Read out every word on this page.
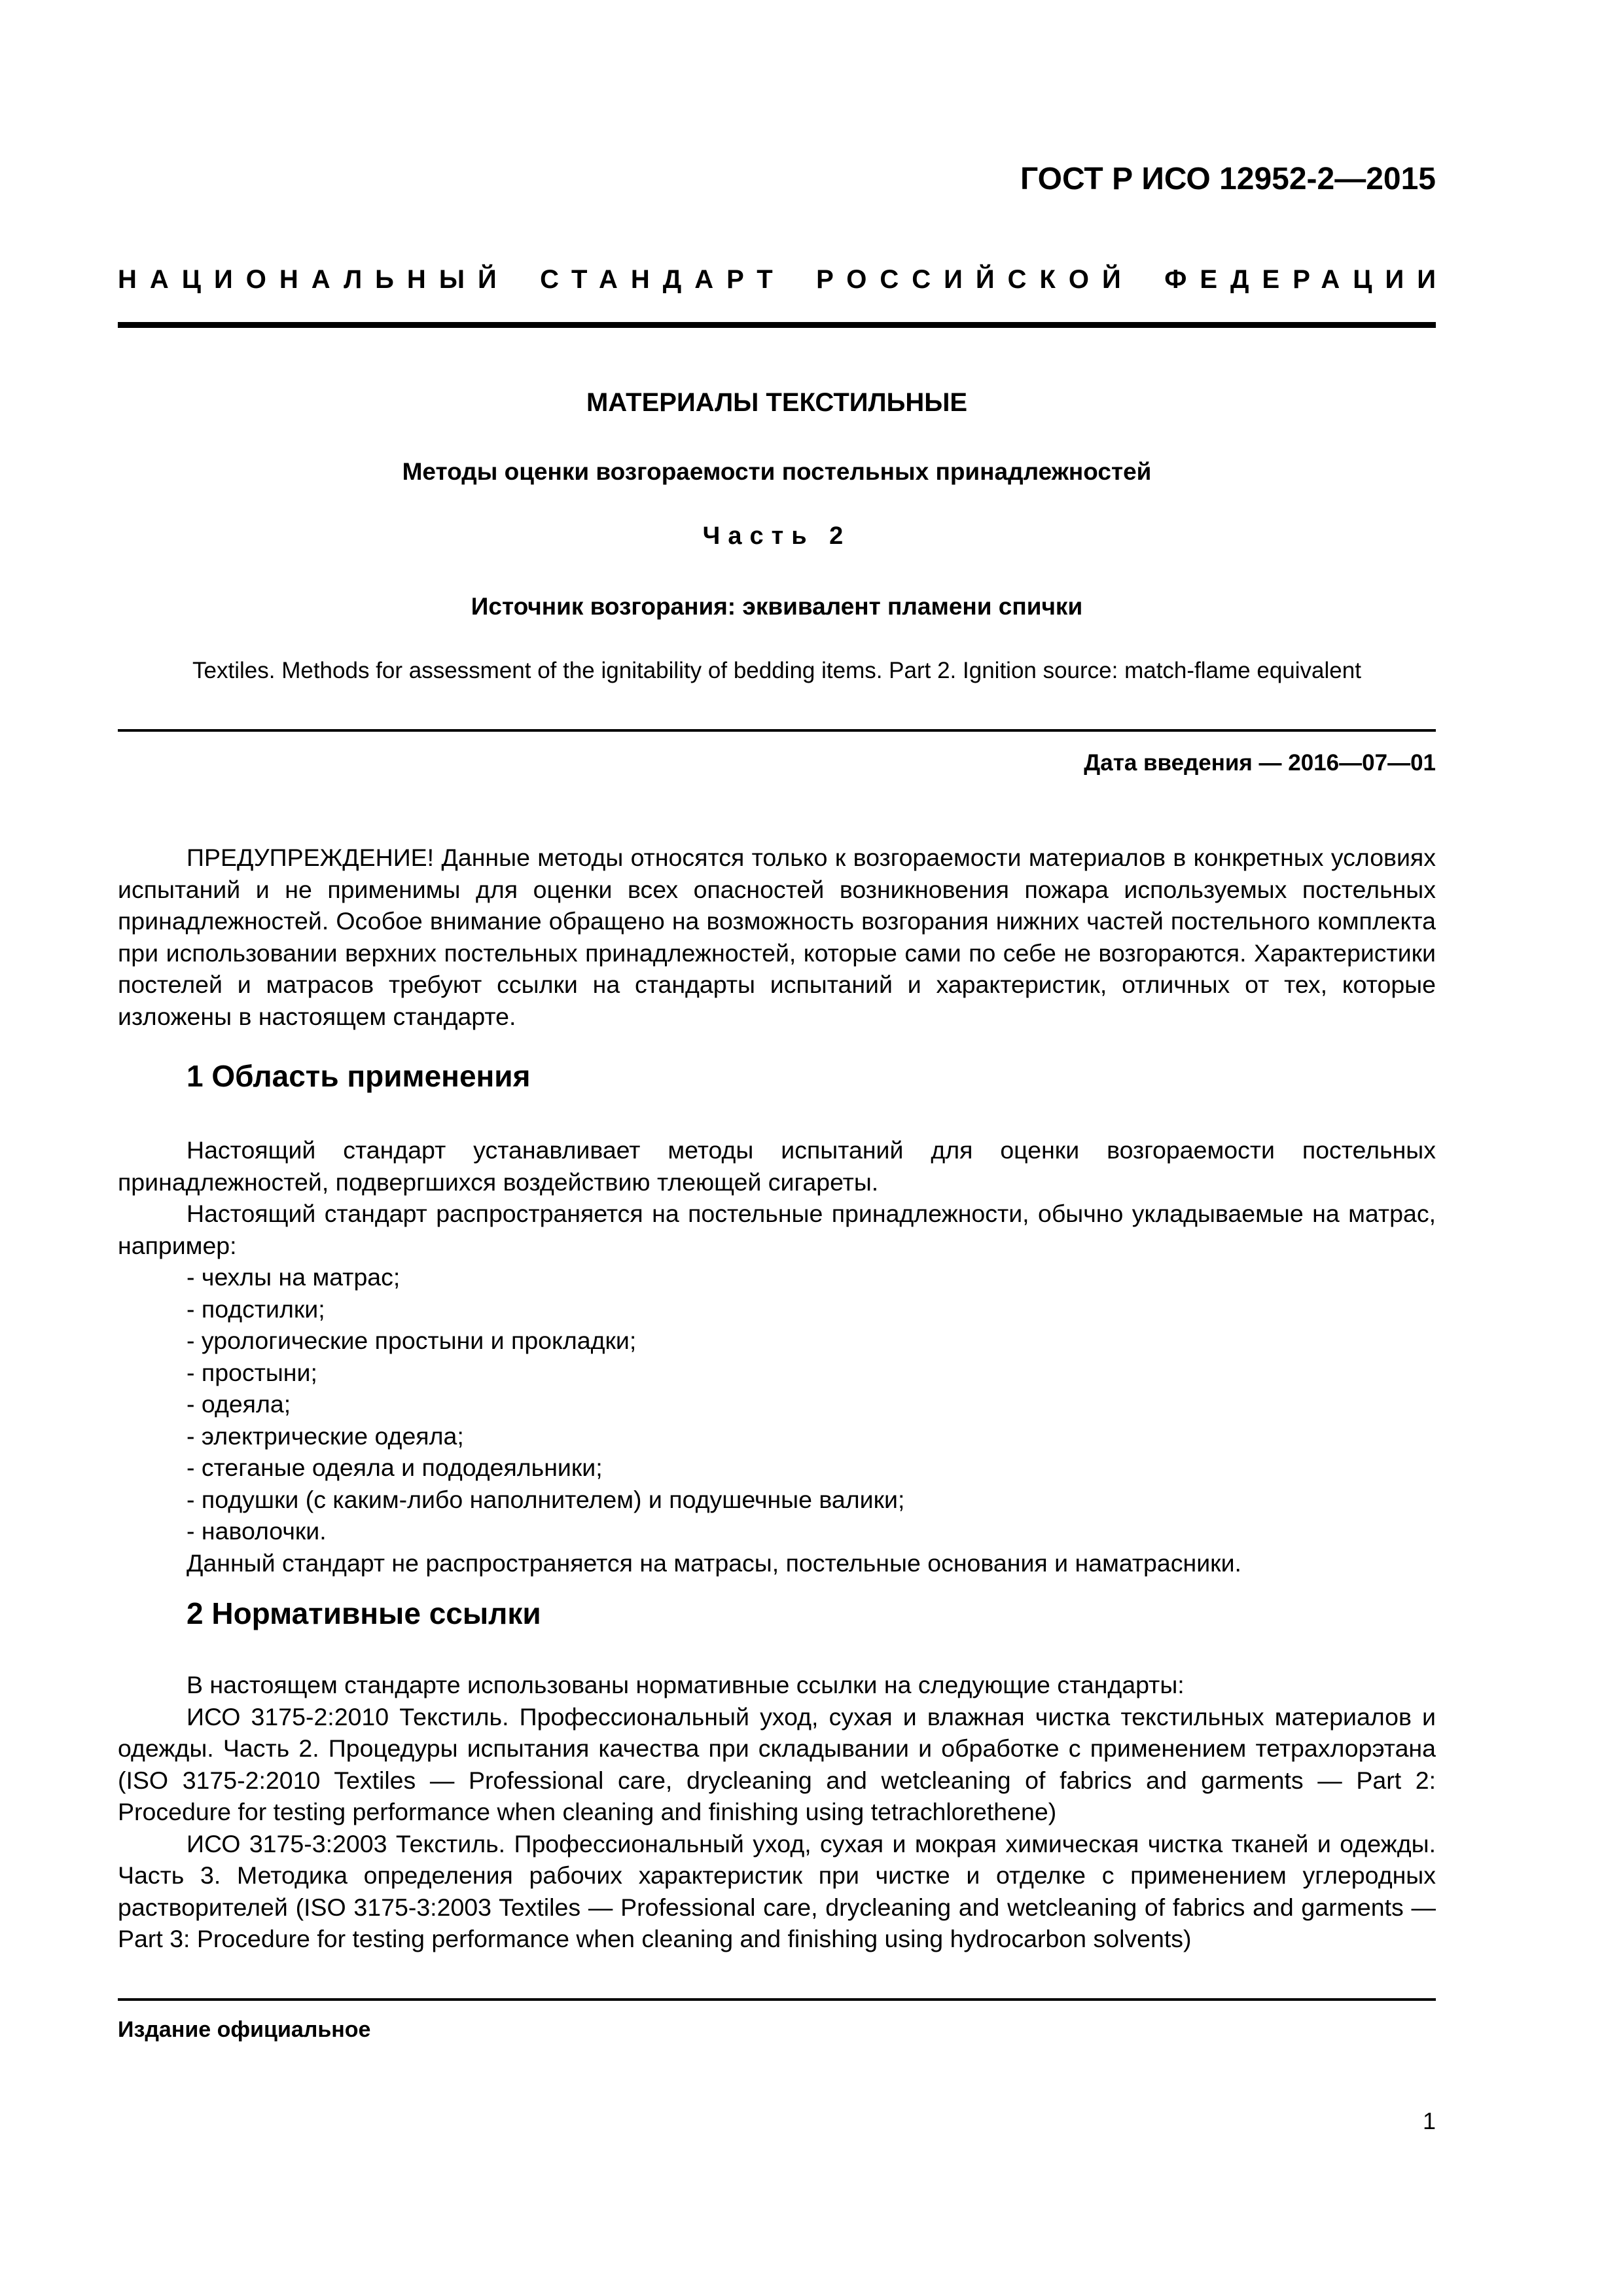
ГОСТ Р ИСО 12952-2—2015
НАЦИОНАЛЬНЫЙ СТАНДАРТ РОССИЙСКОЙ ФЕДЕРАЦИИ
МАТЕРИАЛЫ ТЕКСТИЛЬНЫЕ
Методы оценки возгораемости постельных принадлежностей
Часть 2
Источник возгорания: эквивалент пламени спички
Textiles. Methods for assessment of the ignitability of bedding items. Part 2. Ignition source: match-flame equivalent
Дата введения — 2016—07—01

ПРЕДУПРЕЖДЕНИЕ! Данные методы относятся только к возгораемости материалов в конкретных условиях испытаний и не применимы для оценки всех опасностей возникновения пожара используемых постельных принадлежностей. Особое внимание обращено на возможность возгорания нижних частей постельного комплекта при использовании верхних постельных принадлежностей, которые сами по себе не возгораются. Характеристики постелей и матрасов требуют ссылки на стандарты испытаний и характеристик, отличных от тех, которые изложены в настоящем стандарте.

1 Область применения

Настоящий стандарт устанавливает методы испытаний для оценки возгораемости постельных принадлежностей, подвергшихся воздействию тлеющей сигареты.

Настоящий стандарт распространяется на постельные принадлежности, обычно укладываемые на матрас, например:

- чехлы на матрас;
- подстилки;
- урологические простыни и прокладки;
- простыни;
- одеяла;
- электрические одеяла;
- стеганые одеяла и пододеяльники;
- подушки (с каким-либо наполнителем) и подушечные валики;
- наволочки.

Данный стандарт не распространяется на матрасы, постельные основания и наматрасники.

2 Нормативные ссылки

В настоящем стандарте использованы нормативные ссылки на следующие стандарты:

ИСО 3175-2:2010 Текстиль. Профессиональный уход, сухая и влажная чистка текстильных материалов и одежды. Часть 2. Процедуры испытания качества при складывании и обработке с применением тетрахлорэтана (ISO 3175-2:2010 Textiles — Professional care, drycleaning and wetcleaning of fabrics and garments — Part 2: Procedure for testing performance when cleaning and finishing using tetrachlorethene)

ИСО 3175-3:2003 Текстиль. Профессиональный уход, сухая и мокрая химическая чистка тканей и одежды. Часть 3. Методика определения рабочих характеристик при чистке и отделке с применением углеродных растворителей (ISO 3175-3:2003 Textiles — Professional care, drycleaning and wetcleaning of fabrics and garments — Part 3: Procedure for testing performance when cleaning and finishing using hydrocarbon solvents)

Издание официальное
1
